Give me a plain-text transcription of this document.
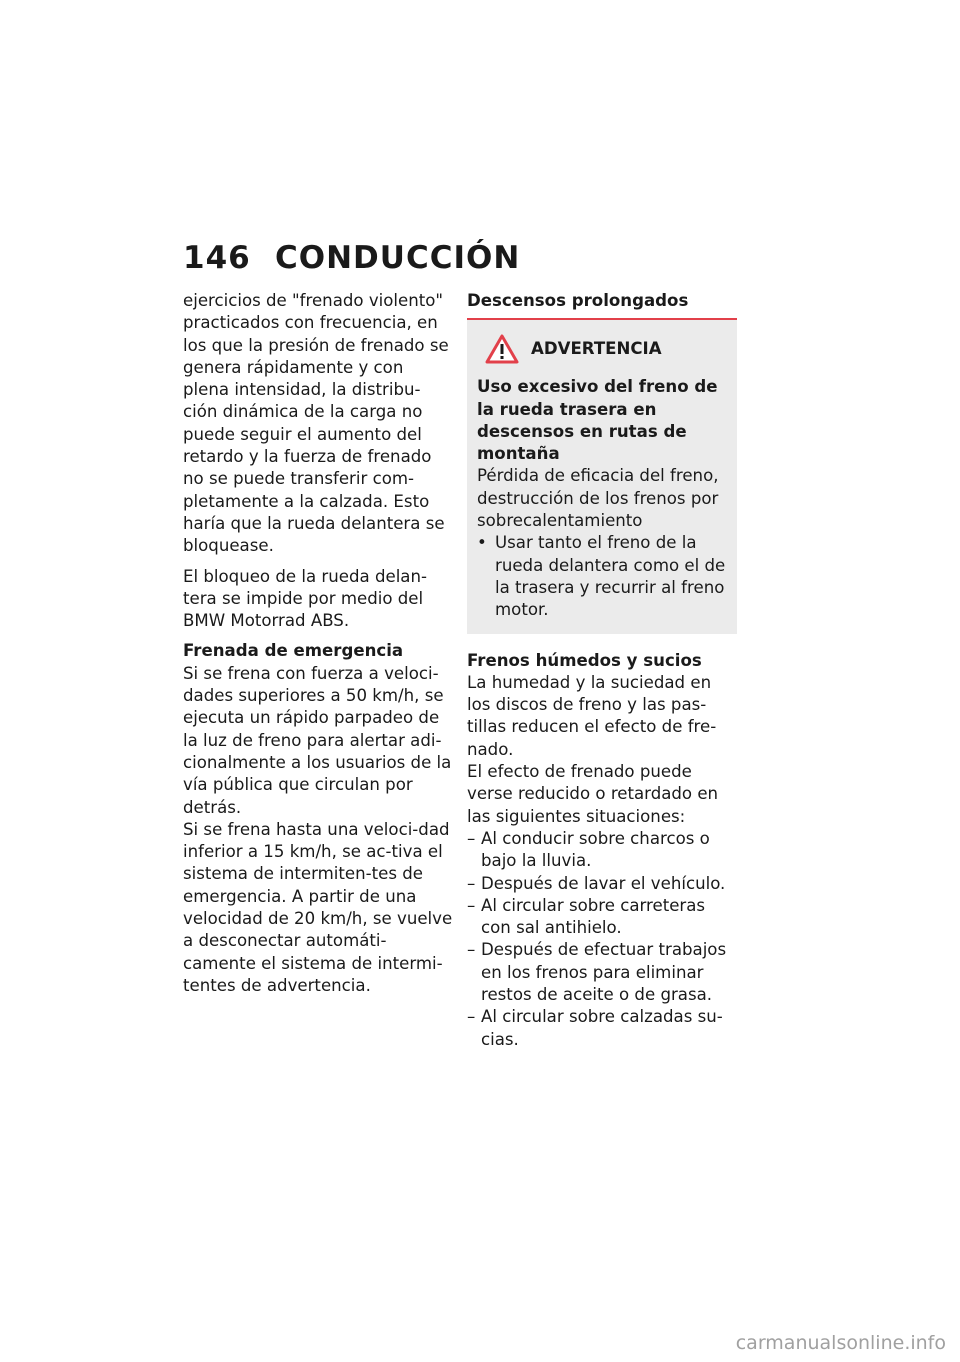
146 CONDUCCIÓN

ejercicios de "frenado violento" practicados con frecuencia, en los que la presión de frenado se genera rápidamente y con plena intensidad, la distribu-ción dinámica de la carga no puede seguir el aumento del retardo y la fuerza de frenado no se puede transferir com-pletamente a la calzada. Esto haría que la rueda delantera se bloquease.

El bloqueo de la rueda delan-tera se impide por medio del BMW Motorrad ABS.

Frenada de emergencia

Si se frena con fuerza a veloci-dades superiores a 50 km/h, se ejecuta un rápido parpadeo de la luz de freno para alertar adi-cionalmente a los usuarios de la vía pública que circulan por detrás.

Si se frena hasta una veloci-dad inferior a 15 km/h, se ac-tiva el sistema de intermiten-tes de emergencia. A partir de una velocidad de 20 km/h, se vuelve a desconectar automáti-camente el sistema de intermi-tentes de advertencia.

Descensos prolongados

ADVERTENCIA

Uso excesivo del freno de la rueda trasera en descensos en rutas de montaña

Pérdida de eficacia del freno, destrucción de los frenos por sobrecalentamiento

• Usar tanto el freno de la rueda delantera como el de la trasera y recurrir al freno motor.

Frenos húmedos y sucios

La humedad y la suciedad en los discos de freno y las pas-tillas reducen el efecto de fre-nado.

El efecto de frenado puede verse reducido o retardado en las siguientes situaciones:

– Al conducir sobre charcos o bajo la lluvia.
– Después de lavar el vehículo.
– Al circular sobre carreteras con sal antihielo.
– Después de efectuar trabajos en los frenos para eliminar restos de aceite o de grasa.
– Al circular sobre calzadas su-cias.
carmanualsonline.info
